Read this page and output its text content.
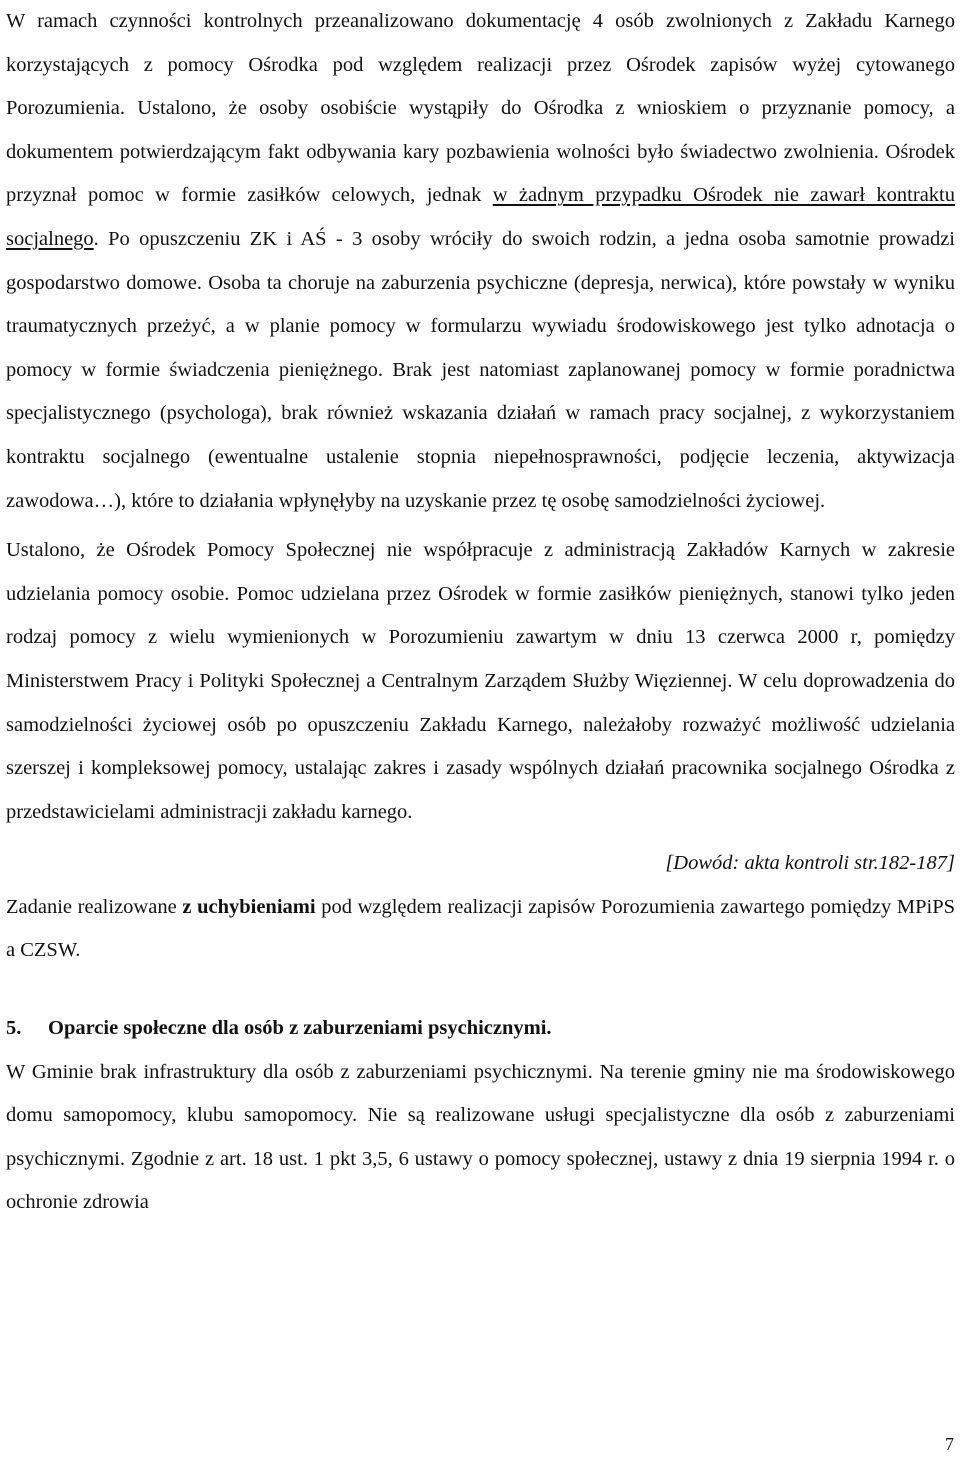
W ramach czynności kontrolnych przeanalizowano dokumentację 4 osób zwolnionych z Zakładu Karnego korzystających z pomocy Ośrodka pod względem realizacji przez Ośrodek zapisów wyżej cytowanego Porozumienia. Ustalono, że osoby osobiście wystąpiły do Ośrodka z wnioskiem o przyznanie pomocy, a dokumentem potwierdzającym fakt odbywania kary pozbawienia wolności było świadectwo zwolnienia. Ośrodek przyznał pomoc w formie zasiłków celowych, jednak w żadnym przypadku Ośrodek nie zawarł kontraktu socjalnego. Po opuszczeniu ZK i AŚ - 3 osoby wróciły do swoich rodzin, a jedna osoba samotnie prowadzi gospodarstwo domowe. Osoba ta choruje na zaburzenia psychiczne (depresja, nerwica), które powstały w wyniku traumatycznych przeżyć, a w planie pomocy w formularzu wywiadu środowiskowego jest tylko adnotacja o pomocy w formie świadczenia pieniężnego. Brak jest natomiast zaplanowanej pomocy w formie poradnictwa specjalistycznego (psychologa), brak również wskazania działań w ramach pracy socjalnej, z wykorzystaniem kontraktu socjalnego (ewentualne ustalenie stopnia niepełnosprawności, podjęcie leczenia, aktywizacja zawodowa…), które to działania wpłynęłyby na uzyskanie przez tę osobę samodzielności życiowej.

Ustalono, że Ośrodek Pomocy Społecznej nie współpracuje z administracją Zakładów Karnych w zakresie udzielania pomocy osobie. Pomoc udzielana przez Ośrodek w formie zasiłków pieniężnych, stanowi tylko jeden rodzaj pomocy z wielu wymienionych w Porozumieniu zawartym w dniu 13 czerwca 2000 r, pomiędzy Ministerstwem Pracy i Polityki Społecznej a Centralnym Zarządem Służby Więziennej. W celu doprowadzenia do samodzielności życiowej osób po opuszczeniu Zakładu Karnego, należałoby rozważyć możliwość udzielania szerszej i kompleksowej pomocy, ustalając zakres i zasady wspólnych działań pracownika socjalnego Ośrodka z przedstawicielami administracji zakładu karnego.

[Dowód: akta kontroli str.182-187]

Zadanie realizowane z uchybieniami pod względem realizacji zapisów Porozumienia zawartego pomiędzy MPiPS a CZSW.

5. Oparcie społeczne dla osób z zaburzeniami psychicznymi.

W Gminie brak infrastruktury dla osób z zaburzeniami psychicznymi. Na terenie gminy nie ma środowiskowego domu samopomocy, klubu samopomocy. Nie są realizowane usługi specjalistyczne dla osób z zaburzeniami psychicznymi. Zgodnie z art. 18 ust. 1 pkt 3,5, 6 ustawy o pomocy społecznej, ustawy z dnia 19 sierpnia 1994 r. o ochronie zdrowia

7
